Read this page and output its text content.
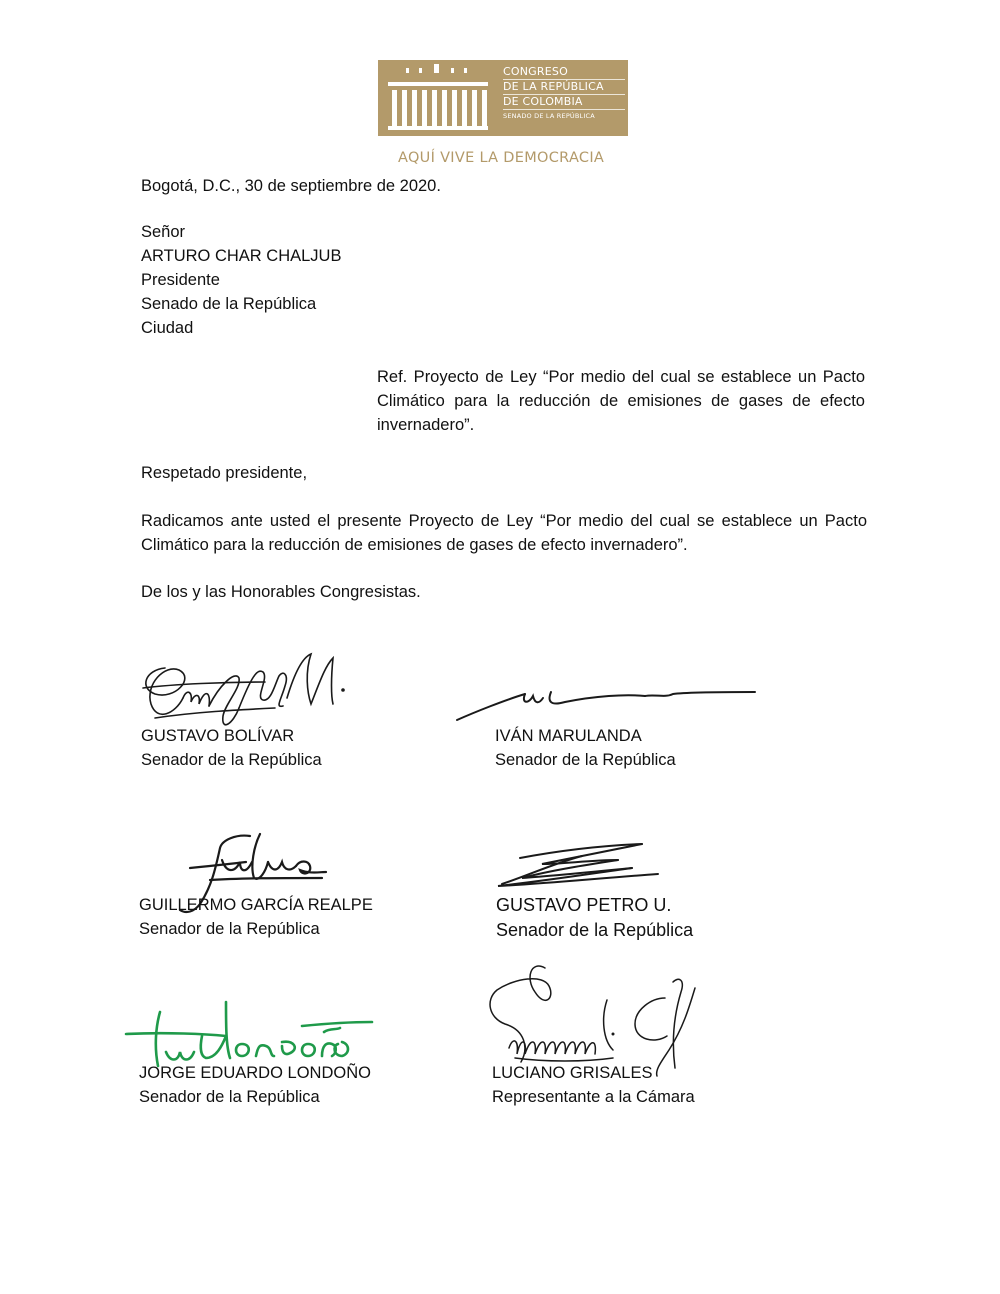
CONGRESO
DE LA REPÚBLICA
DE COLOMBIA
SENADO DE LA REPÚBLICA
AQUÍ VIVE LA DEMOCRACIA
Bogotá, D.C., 30 de septiembre de 2020.
Señor
ARTURO CHAR CHALJUB
Presidente
Senado de la República
Ciudad
Ref. Proyecto de Ley “Por medio del cual se establece un Pacto Climático para la reducción de emisiones de gases de efecto invernadero”.
Respetado presidente,
Radicamos ante usted el presente Proyecto de Ley “Por medio del cual se establece un Pacto Climático para la reducción de emisiones de gases de efecto invernadero”.
De los y las Honorables Congresistas.
GUSTAVO BOLÍVAR
Senador de la República
IVÁN MARULANDA
Senador de la República
GUILLERMO GARCÍA REALPE
Senador de la República
GUSTAVO PETRO U.
Senador de la República
JORGE EDUARDO LONDOÑO
Senador de la República
LUCIANO GRISALES
Representante a la Cámara
